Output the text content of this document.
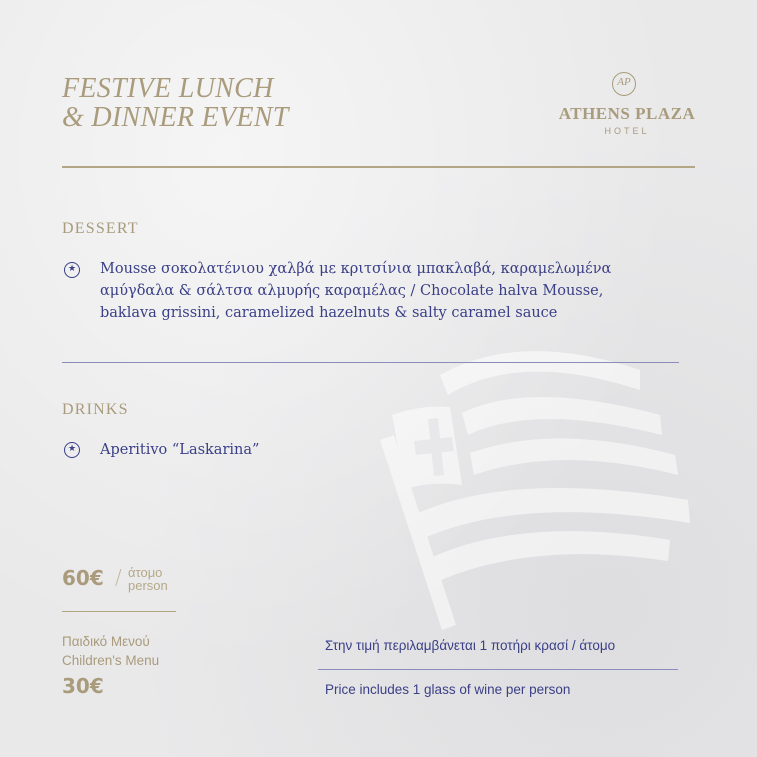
FESTIVE LUNCH
& DINNER EVENT
AP
ATHENS PLAZA
HOTEL
DESSERT
★ Mousse σοκολατένιου χαλβά με κριτσίνια μπακλαβά, καραμελωμένα
αμύγδαλα & σάλτσα αλμυρής καραμέλας / Chocolate halva Mousse,
baklava grissini, caramelized hazelnuts & salty caramel sauce
DRINKS
★ Aperitivo “Laskarina”
60€ / άτομο
person
Παιδικό Μενού
Children's Menu
30€
Στην τιμή περιλαμβάνεται 1 ποτήρι κρασί / άτομο
Price includes 1 glass of wine per person
